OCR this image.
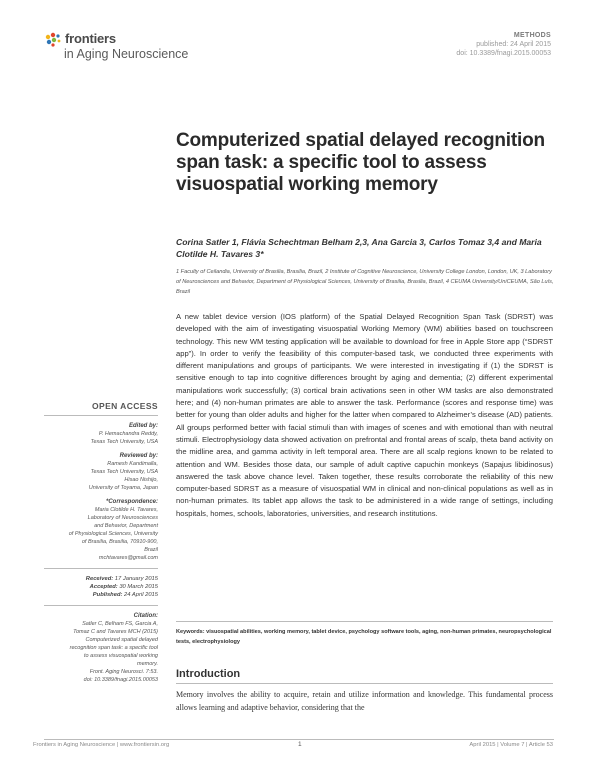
frontiers
in Aging Neuroscience
METHODS
published: 24 April 2015
doi: 10.3389/fnagi.2015.00053
Computerized spatial delayed recognition span task: a specific tool to assess visuospatial working memory
Corina Satler 1, Flávia Schechtman Belham 2,3, Ana Garcia 3, Carlos Tomaz 3,4 and Maria Clotilde H. Tavares 3*
1 Faculty of Ceilandia, University of Brasilia, Brasilia, Brazil, 2 Institute of Cognitive Neuroscience, University College London, London, UK, 3 Laboratory of Neurosciences and Behavior, Department of Physiological Sciences, University of Brasilia, Brasilia, Brazil, 4 CEUMA University/UniCEUMA, São Luís, Brazil
A new tablet device version (IOS platform) of the Spatial Delayed Recognition Span Task (SDRST) was developed with the aim of investigating visuospatial Working Memory (WM) abilities based on touchscreen technology. This new WM testing application will be available to download for free in Apple Store app (“SDRST app”). In order to verify the feasibility of this computer-based task, we conducted three experiments with different manipulations and groups of participants. We were interested in investigating if (1) the SDRST is sensitive enough to tap into cognitive differences brought by aging and dementia; (2) different experimental manipulations work successfully; (3) cortical brain activations seen in other WM tasks are also demonstrated here; and (4) non-human primates are able to answer the task. Performance (scores and response time) was better for young than older adults and higher for the latter when compared to Alzheimer’s disease (AD) patients. All groups performed better with facial stimuli than with images of scenes and with emotional than with neutral stimuli. Electrophysiology data showed activation on prefrontal and frontal areas of scalp, theta band activity on the midline area, and gamma activity in left temporal area. There are all scalp regions known to be related to attention and WM. Besides those data, our sample of adult captive capuchin monkeys (Sapajus libidinosus) answered the task above chance level. Taken together, these results corroborate the reliability of this new computer-based SDRST as a measure of visuospatial WM in clinical and non-clinical populations as well as in non-human primates. Its tablet app allows the task to be administered in a wide range of settings, including hospitals, homes, schools, laboratories, universities, and research institutions.
Keywords: visuospatial abilities, working memory, tablet device, psychology software tools, aging, non-human primates, neuropsychological tests, electrophysiology
Introduction
Memory involves the ability to acquire, retain and utilize information and knowledge. This fundamental process allows learning and adaptive behavior, considering that the
OPEN ACCESS
Edited by:
P. Hemachandra Reddy,
Texas Tech University, USA
Reviewed by:
Ramesh Kandimalla,
Texas Tech University, USA
Hisao Nishijo,
University of Toyama, Japan
*Correspondence:
Maria Clotilde H. Tavares,
Laboratory of Neurosciences
and Behavior, Department
of Physiological Sciences, University
of Brasilia, Brasilia, 70910-900,
Brazil
mchtavares@gmail.com
Received: 17 January 2015
Accepted: 30 March 2015
Published: 24 April 2015
Citation:
Satler C, Belham FS, Garcia A,
Tomaz C and Tavares MCH (2015)
Computerized spatial delayed
recognition span task: a specific tool
to assess visuospatial working
memory.
Front. Aging Neurosci. 7:53.
doi: 10.3389/fnagi.2015.00053
Frontiers in Aging Neuroscience | www.frontiersin.org	1	April 2015 | Volume 7 | Article 53
